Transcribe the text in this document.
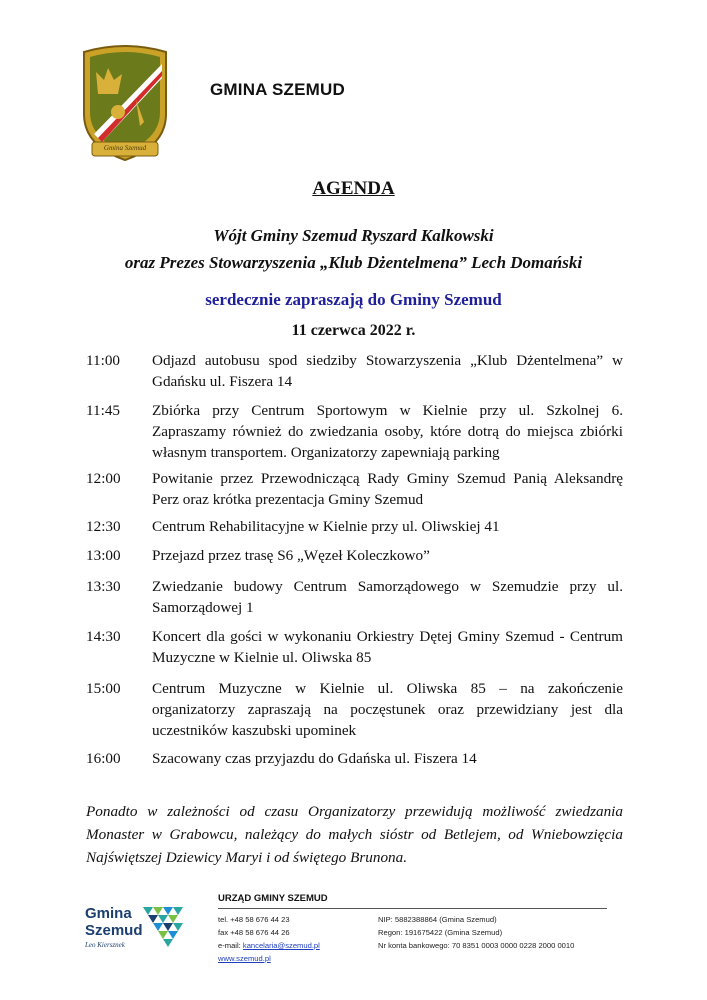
Gmina Szemud
GMINA SZEMUD
AGENDA
Wójt Gminy Szemud Ryszard Kalkowski
oraz Prezes Stowarzyszenia „Klub Dżentelmena” Lech Domański
serdecznie zapraszają do Gminy Szemud
11 czerwca 2022 r.
11:00 Odjazd autobusu spod siedziby Stowarzyszenia „Klub Dżentelmena” w Gdańsku ul. Fiszera 14
11:45 Zbiórka przy Centrum Sportowym w Kielnie przy ul. Szkolnej 6. Zapraszamy również do zwiedzania osoby, które dotrą do miejsca zbiórki własnym transportem. Organizatorzy zapewniają parking
12:00 Powitanie przez Przewodniczącą Rady Gminy Szemud Panią Aleksandrę Perz oraz krótka prezentacja Gminy Szemud
12:30 Centrum Rehabilitacyjne w Kielnie przy ul. Oliwskiej 41
13:00 Przejazd przez trasę S6 „Węzeł Koleczkowo”
13:30 Zwiedzanie budowy Centrum Samorządowego w Szemudzie przy ul. Samorządowej 1
14:30 Koncert dla gości w wykonaniu Orkiestry Dętej Gminy Szemud - Centrum Muzyczne w Kielnie ul. Oliwska 85
15:00 Centrum Muzyczne w Kielnie ul. Oliwska 85 – na zakończenie organizatorzy zapraszają na poczęstunek oraz przewidziany jest dla uczestników kaszubski upominek
16:00 Szacowany czas przyjazdu do Gdańska ul. Fiszera 14
Ponadto w zależności od czasu Organizatorzy przewidują możliwość zwiedzania Monaster w Grabowcu, należący do małych sióstr od Betlejem, od Wniebowzięcia Najświętszej Dziewicy Maryi i od świętego Brunona.
Gmina
Szemud
Leo Kiersznek
URZĄD GMINY SZEMUD
tel. +48 58 676 44 23
fax +48 58 676 44 26
e-mail: kancelaria@szemud.pl
www.szemud.pl
NIP: 5882388864 (Gmina Szemud)
Regon: 191675422 (Gmina Szemud)
Nr konta bankowego: 70 8351 0003 0000 0228 2000 0010
